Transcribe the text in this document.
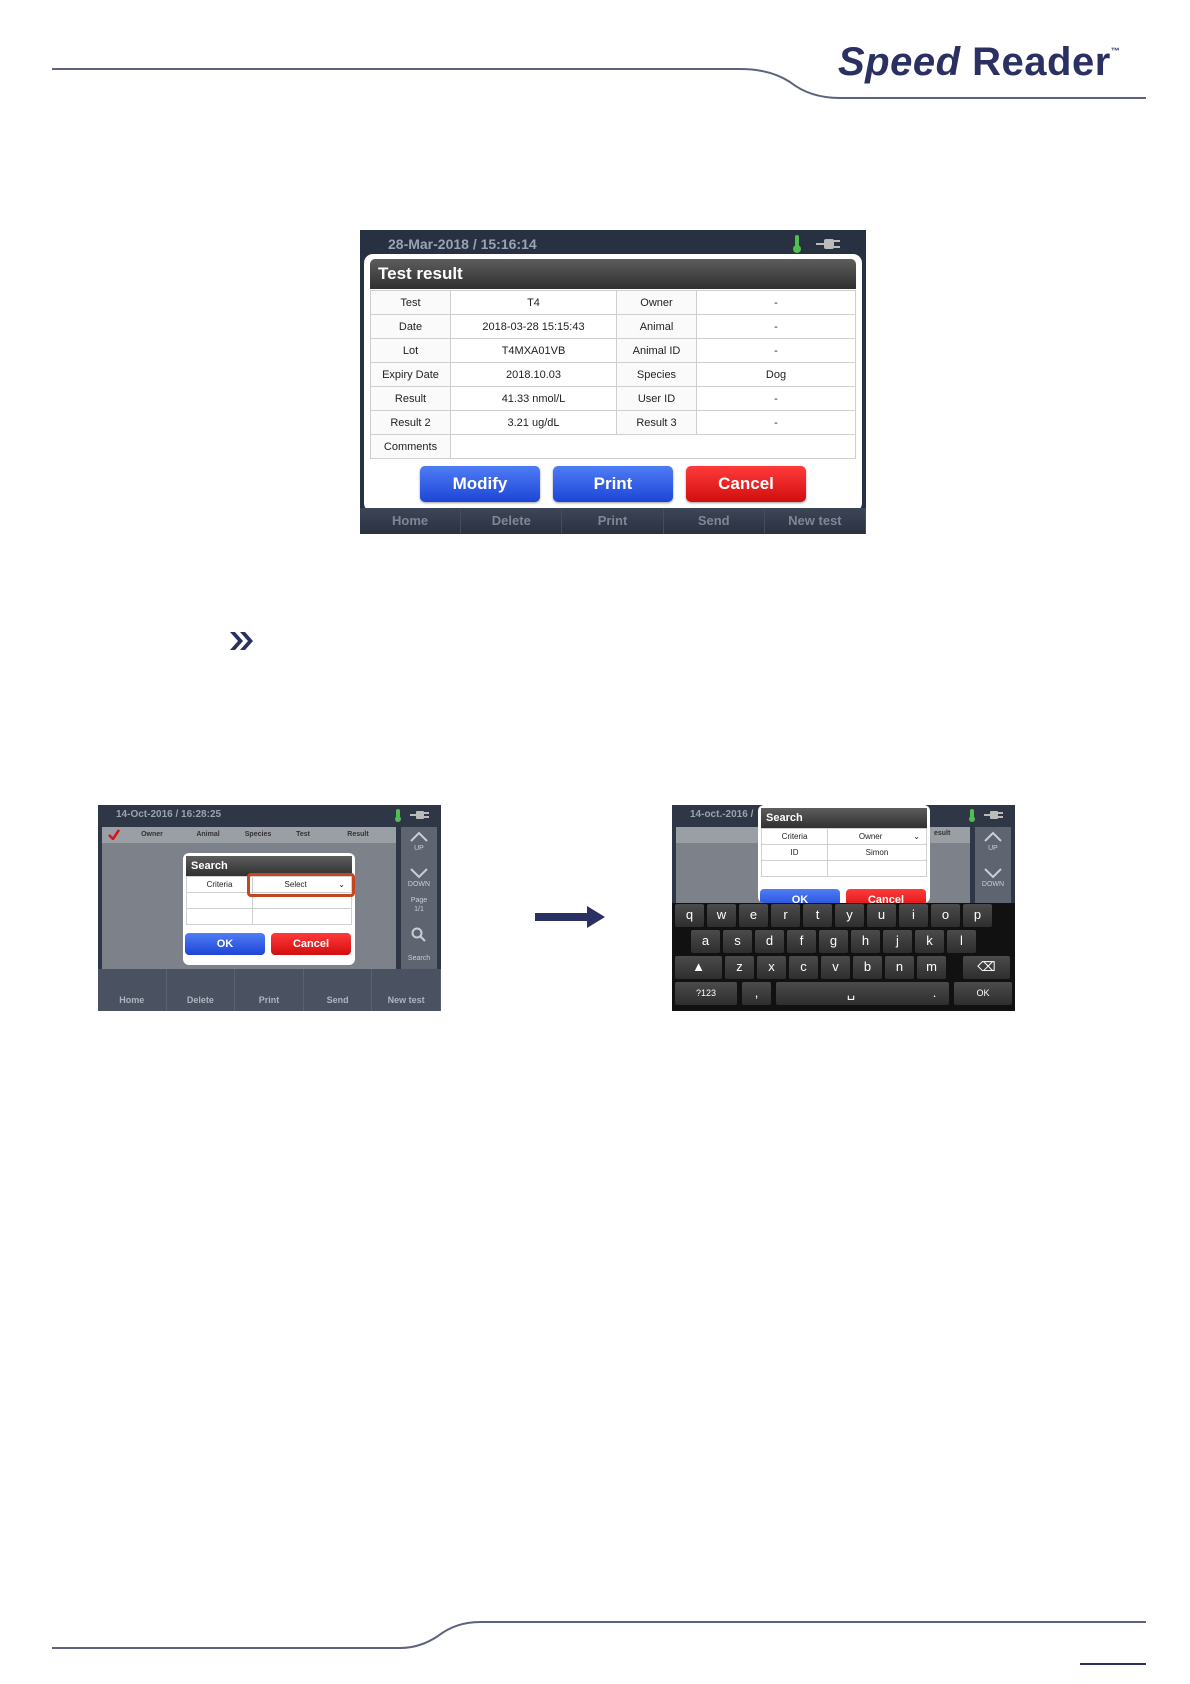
Speed Reader™
28-Mar-2018 / 15:16:14
Test result
Test	T4	Owner	-
Date	2018-03-28 15:15:43	Animal	-
Lot	T4MXA01VB	Animal ID	-
Expiry Date	2018.10.03	Species	Dog
Result	41.33 nmol/L	User ID	-
Result 2	3.21 ug/dL	Result 3	-
Comments			
Modify	Print	Cancel
Home	Delete	Print	Send	New test
14-Oct-2016 / 16:28:25
Owner	Animal	Species	Test	Result
UP
DOWN
Page
1/1
Search
Search
Criteria	Select ⌄

OK	Cancel
Home	Delete	Print	Send	New test
14-oct.-2016 /
esult
UP
DOWN
Search
Criteria	Owner ⌄

ID	Simon

OK	Cancel
q	w	e	r	t	y	u	i	o	p
a	s	d	f	g	h	j	k	l
▲	⌫
z	x	c	v	b	n	m
?123	,	␣	.	OK
